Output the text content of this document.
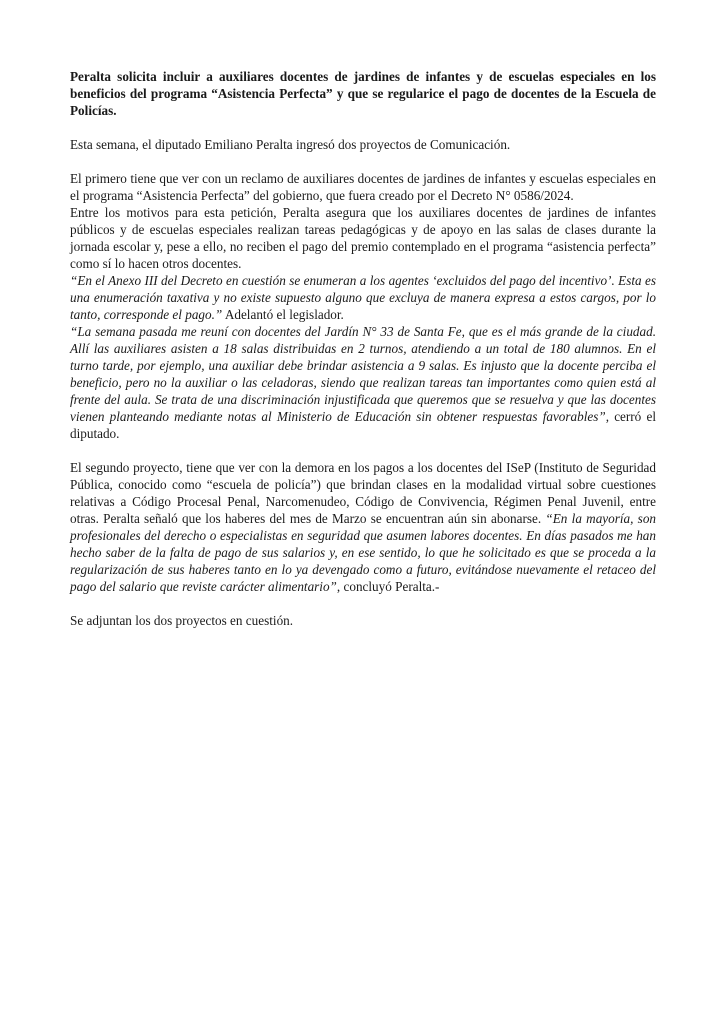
Peralta solicita incluir a auxiliares docentes de jardines de infantes y de escuelas especiales en los beneficios del programa “Asistencia Perfecta” y que se regularice el pago de docentes de la Escuela de Policías.

Esta semana, el diputado Emiliano Peralta ingresó dos proyectos de Comunicación.

El primero tiene que ver con un reclamo de auxiliares docentes de jardines de infantes y escuelas especiales en el programa “Asistencia Perfecta” del gobierno, que fuera creado por el Decreto N° 0586/2024.

Entre los motivos para esta petición, Peralta asegura que los auxiliares docentes de jardines de infantes públicos y de escuelas especiales realizan tareas pedagógicas y de apoyo en las salas de clases durante la jornada escolar y, pese a ello, no reciben el pago del premio contemplado en el programa “asistencia perfecta” como sí lo hacen otros docentes.

“En el Anexo III del Decreto en cuestión se enumeran a los agentes ‘excluidos del pago del incentivo’. Esta es una enumeración taxativa y no existe supuesto alguno que excluya de manera expresa a estos cargos, por lo tanto, corresponde el pago.” Adelantó el legislador.

“La semana pasada me reuní con docentes del Jardín N° 33 de Santa Fe, que es el más grande de la ciudad. Allí las auxiliares asisten a 18 salas distribuidas en 2 turnos, atendiendo a un total de 180 alumnos. En el turno tarde, por ejemplo, una auxiliar debe brindar asistencia a 9 salas. Es injusto que la docente perciba el beneficio, pero no la auxiliar o las celadoras, siendo que realizan tareas tan importantes como quien está al frente del aula. Se trata de una discriminación injustificada que queremos que se resuelva y que las docentes vienen planteando mediante notas al Ministerio de Educación sin obtener respuestas favorables”, cerró el diputado.

El segundo proyecto, tiene que ver con la demora en los pagos a los docentes del ISeP (Instituto de Seguridad Pública, conocido como “escuela de policía”) que brindan clases en la modalidad virtual sobre cuestiones relativas a Código Procesal Penal, Narcomenudeo, Código de Convivencia, Régimen Penal Juvenil, entre otras. Peralta señaló que los haberes del mes de Marzo se encuentran aún sin abonarse. “En la mayoría, son profesionales del derecho o especialistas en seguridad que asumen labores docentes. En días pasados me han hecho saber de la falta de pago de sus salarios y, en ese sentido, lo que he solicitado es que se proceda a la regularización de sus haberes tanto en lo ya devengado como a futuro, evitándose nuevamente el retaceo del pago del salario que reviste carácter alimentario”, concluyó Peralta.-

Se adjuntan los dos proyectos en cuestión.
